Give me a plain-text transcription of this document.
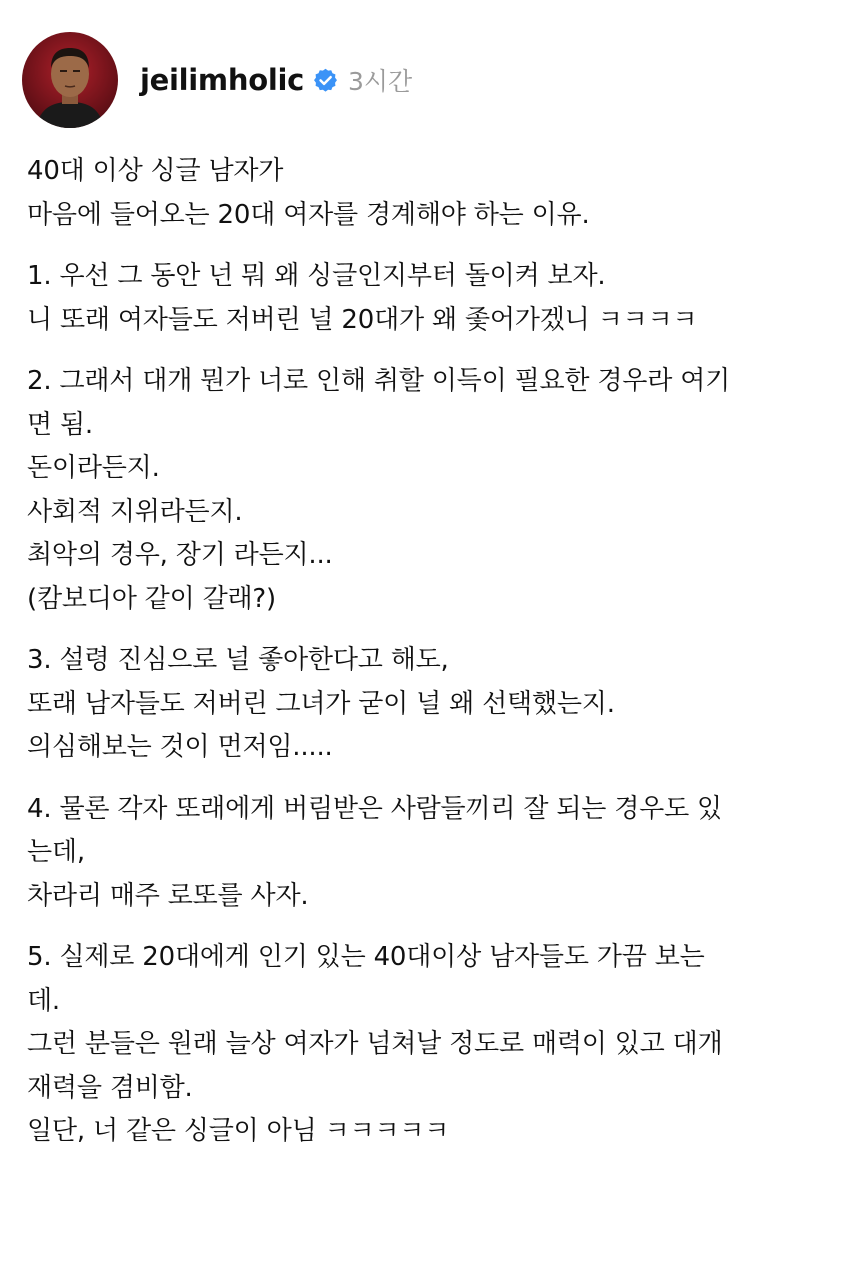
jeilimholic 3시간
40대 이상 싱글 남자가
마음에 들어오는 20대 여자를 경계해야 하는 이유.
1. 우선 그 동안 넌 뭐 왜 싱글인지부터 돌이켜 보자.
니 또래 여자들도 저버린 널 20대가 왜 좇어가겠니 ㅋㅋㅋㅋ
2. 그래서 대개 뭔가 너로 인해 취할 이득이 필요한 경우라 여기
면 됨.
돈이라든지.
사회적 지위라든지.
최악의 경우, 장기 라든지...
(캄보디아 같이 갈래?)
3. 설령 진심으로 널 좋아한다고 해도,
또래 남자들도 저버린 그녀가 굳이 널 왜 선택했는지.
의심해보는 것이 먼저임.....
4. 물론 각자 또래에게 버림받은 사람들끼리 잘 되는 경우도 있
는데,
차라리 매주 로또를 사자.
5. 실제로 20대에게 인기 있는 40대이상 남자들도 가끔 보는
데.
그런 분들은 원래 늘상 여자가 넘쳐날 정도로 매력이 있고 대개
재력을 겸비함.
일단, 너 같은 싱글이 아님 ㅋㅋㅋㅋㅋ
